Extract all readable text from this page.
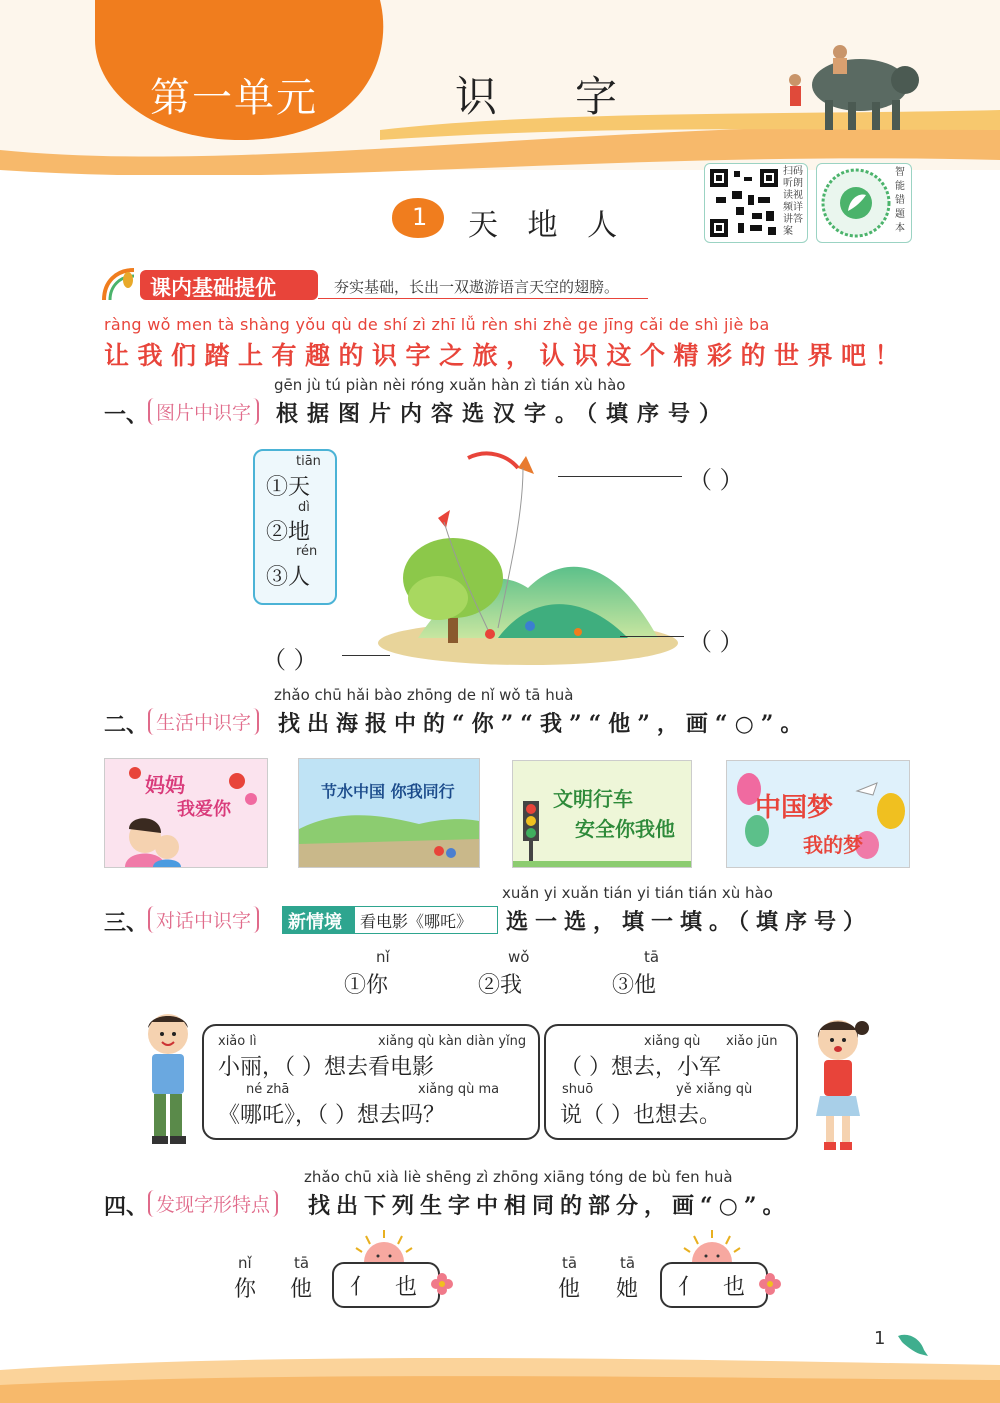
第一单元	识 字
扫码听朗读视频详讲答案
智能错题本
1 天 地 人
课内基础提优	夯实基础，长出一双遨游语言天空的翅膀。
ràng wǒ men tà shàng yǒu qù de shí zì zhī lǚ rèn shi zhè ge jīng cǎi de shì jiè ba
让我们踏上有趣的识字之旅，认识这个精彩的世界吧！
gēn jù tú piàn nèi róng xuǎn hàn zì tián xù hào
一、 图片中识字	根据图片内容选汉字。（填序号）
tiān
①天
dì
②地
rén
③人
（ ）
（ ）
（ ）
zhǎo chū hǎi bào zhōng de nǐ wǒ tā huà
二、 生活中识字	找出海报中的“你”“我”“他”，画“○”。
妈妈
我爱你
节水中国 你我同行	文明行车
安全你我他
中国梦
我的梦
xuǎn yi xuǎn tián yi tián tián xù hào
三、 对话中识字	新情境 看电影《哪吒》 选一选，填一填。（填序号）
nǐ
①你
wǒ
②我
tā
③他
xiǎo lì	xiǎng qù kàn diàn yǐng
小丽，（ ）想去看电影
né zhā	xiǎng qù ma
《哪吒》，（ ）想去吗？
xiǎng qù xiǎo jūn
（ ）想去，小军
shuō	yě xiǎng qù
说（ ）也想去。
zhǎo chū xià liè shēng zì zhōng xiāng tóng de bù fen huà
四、 发现字形特点	找出下列生字中相同的部分，画“○”。
nǐ
你
tā
他 亻 也
tā
他
tā
她 亻 也
1
